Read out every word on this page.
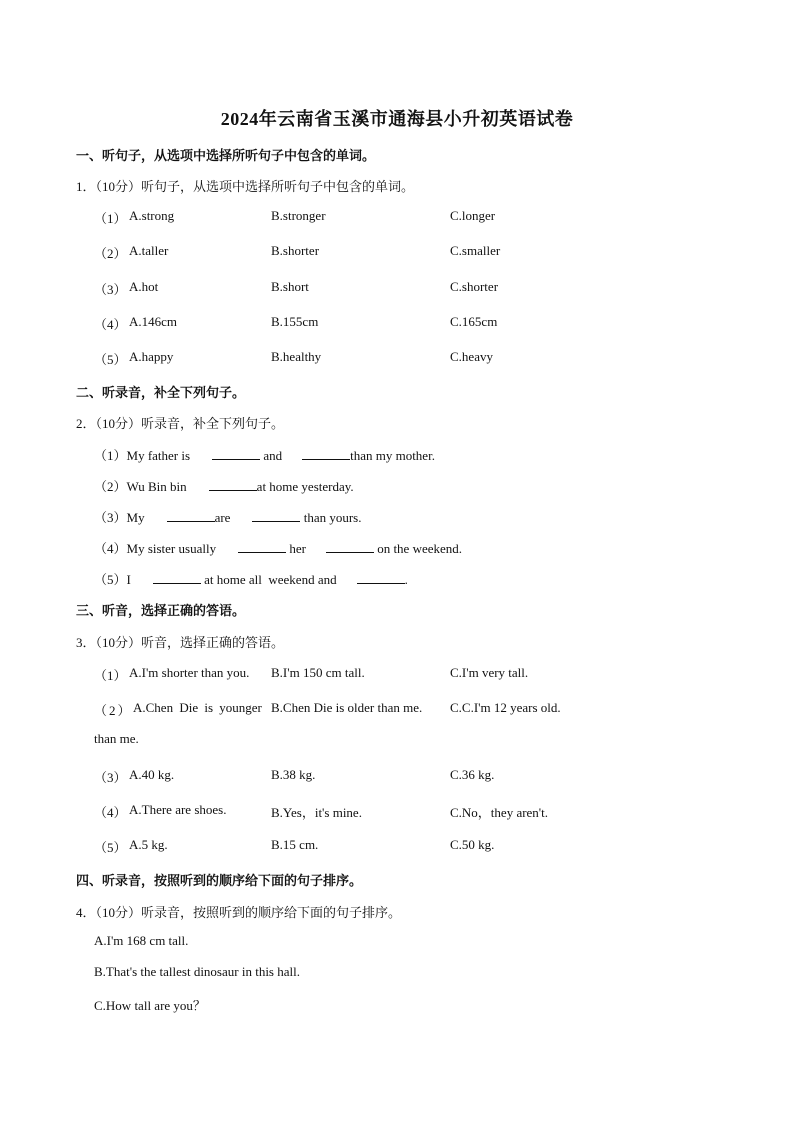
2024年云南省玉溪市通海县小升初英语试卷
一、听句子，从选项中选择所听句子中包含的单词。
1．（10分）听句子，从选项中选择所听句子中包含的单词。
（1） A.strong	B.stronger	C.longer
（2） A.taller	B.shorter	C.smaller
（3） A.hot	B.short	C.shorter
（4） A.146cm	B.155cm	C.165cm
（5） A.happy	B.healthy	C.heavy
二、听录音，补全下列句子。
2．（10分）听录音，补全下列句子。
（1）My father is	and	than my mother.
（2）Wu Bin bin	at home yesterday.
（3）My	are	than yours.
（4）My sister usually	her	on the weekend.
（5）I	at home all  weekend and	.
三、听音，选择正确的答语。
3．（10分）听音，选择正确的答语。
（1） A.I'm shorter than you. B.I'm 150 cm tall.	C.I'm very tall.
（2） A.Chen Die is younger B.Chen Die is older than me. C.C.I'm 12 years old.
than me.
（3） A.40 kg.	B.38 kg.	C.36 kg.
（4） A.There are shoes.	B.Yes，it's mine.	C.No，they aren't.
（5） A.5 kg.	B.15 cm.	C.50 kg.
四、听录音，按照听到的顺序给下面的句子排序。
4．（10分）听录音，按照听到的顺序给下面的句子排序。
A.I'm 168 cm tall.
B.That's the tallest dinosaur in this hall.
C.How tall are you？
